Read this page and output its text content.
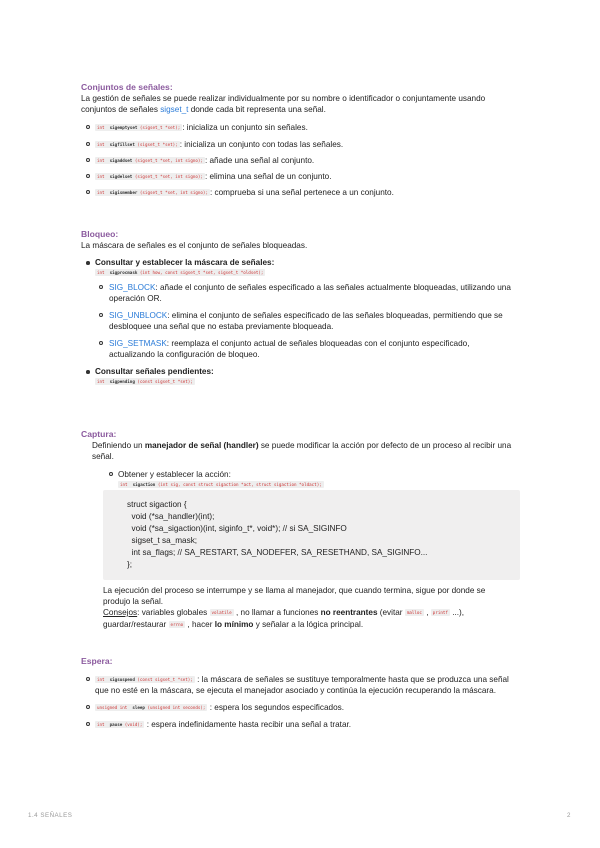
Conjuntos de señales:
La gestión de señales se puede realizar individualmente por su nombre o identificador o conjuntamente usando
conjuntos de señales sigset_t donde cada bit representa una señal.
int sigemptyset (sigset_t *set); : inicializa un conjunto sin señales.
int sigfillset (sigset_t *set); : inicializa un conjunto con todas las señales.
int sigaddset (sigset_t *set, int signo); : añade una señal al conjunto.
int sigdelset (sigset_t *set, int signo); : elimina una señal de un conjunto.
int sigismember (sigset_t *set, int signo); : comprueba si una señal pertenece a un conjunto.
Bloqueo:
La máscara de señales es el conjunto de señales bloqueadas.
Consultar y establecer la máscara de señales:
int sigprocmask (int how, const sigset_t *set, sigset_t *oldset);
SIG_BLOCK: añade el conjunto de señales especificado a las señales actualmente bloqueadas, utilizando una
operación OR.
SIG_UNBLOCK: elimina el conjunto de señales especificado de las señales bloqueadas, permitiendo que se
desbloquee una señal que no estaba previamente bloqueada.
SIG_SETMASK: reemplaza el conjunto actual de señales bloqueadas con el conjunto especificado,
actualizando la configuración de bloqueo.
Consultar señales pendientes:
int sigpending (const sigset_t *set);
Captura:
Definiendo un manejador de señal (handler) se puede modificar la acción por defecto de un proceso al recibir una
señal.
Obtener y establecer la acción:
int sigaction (int sig, const struct sigaction *act, struct sigaction *oldact);
struct sigaction {
void (*sa_handler)(int);
void (*sa_sigaction)(int, siginfo_t*, void*); // si SA_SIGINFO
sigset_t sa_mask;
int sa_flags; // SA_RESTART, SA_NODEFER, SA_RESETHAND, SA_SIGINFO...
};
La ejecución del proceso se interrumpe y se llama al manejador, que cuando termina, sigue por donde se
produjo la señal.
Consejos: variables globales volatile , no llamar a funciones no reentrantes (evitar malloc , printf ...),
guardar/restaurar errno , hacer lo mínimo y señalar a la lógica principal.
Espera:
int sigsuspend (const sigset_t *set); : la máscara de señales se sustituye temporalmente hasta que se produzca una señal
que no esté en la máscara, se ejecuta el manejador asociado y continúa la ejecución recuperando la máscara.
unsigned int sleep (unsigned int seconds); : espera los segundos especificados.
int pause (void); : espera indefinidamente hasta recibir una señal a tratar.
1.4 SEÑALES	2
